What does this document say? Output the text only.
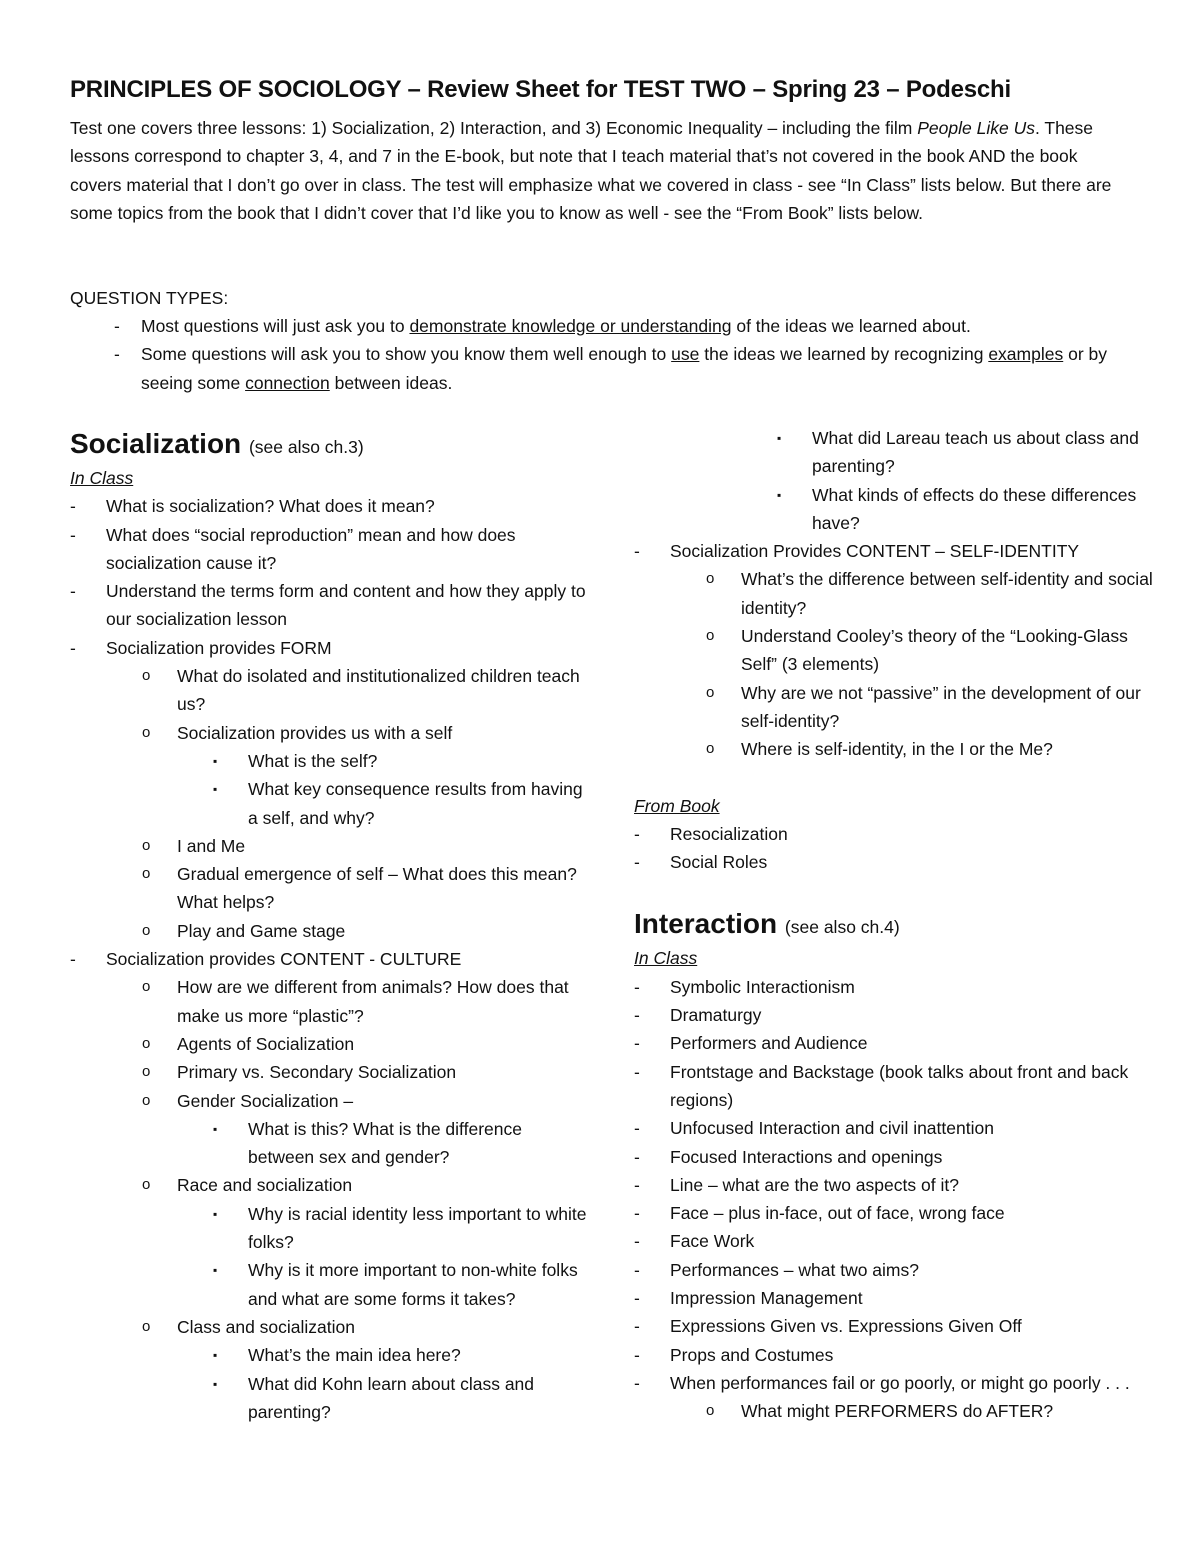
PRINCIPLES OF SOCIOLOGY – Review Sheet for TEST TWO – Spring 23 – Podeschi

Test one covers three lessons: 1) Socialization, 2) Interaction, and 3) Economic Inequality – including the film People Like Us. These lessons correspond to chapter 3, 4, and 7 in the E-book, but note that I teach material that’s not covered in the book AND the book covers material that I don’t go over in class. The test will emphasize what we covered in class - see “In Class” lists below. But there are some topics from the book that I didn’t cover that I’d like you to know as well - see the “From Book” lists below.

QUESTION TYPES:
- Most questions will just ask you to demonstrate knowledge or understanding of the ideas we learned about.
- Some questions will ask you to show you know them well enough to use the ideas we learned by recognizing examples or by seeing some connection between ideas.
Socialization (see also ch.3)
In Class
- What is socialization? What does it mean?
- What does “social reproduction” mean and how does socialization cause it?
- Understand the terms form and content and how they apply to our socialization lesson
- Socialization provides FORM
o What do isolated and institutionalized children teach us?
o Socialization provides us with a self
▪ What is the self?
▪ What key consequence results from having a self, and why?
o I and Me
o Gradual emergence of self – What does this mean? What helps?
o Play and Game stage
- Socialization provides CONTENT - CULTURE
o How are we different from animals? How does that make us more “plastic”?
o Agents of Socialization
o Primary vs. Secondary Socialization
o Gender Socialization –
▪ What is this? What is the difference between sex and gender?
o Race and socialization
▪ Why is racial identity less important to white folks?
▪ Why is it more important to non-white folks and what are some forms it takes?
o Class and socialization
▪ What’s the main idea here?
▪ What did Kohn learn about class and parenting?
▪ What did Lareau teach us about class and parenting?
▪ What kinds of effects do these differences have?
- Socialization Provides CONTENT – SELF-IDENTITY
o What’s the difference between self-identity and social identity?
o Understand Cooley’s theory of the “Looking-Glass Self” (3 elements)
o Why are we not “passive” in the development of our self-identity?
o Where is self-identity, in the I or the Me?
From Book
- Resocialization
- Social Roles
Interaction (see also ch.4)
In Class
- Symbolic Interactionism
- Dramaturgy
- Performers and Audience
- Frontstage and Backstage (book talks about front and back regions)
- Unfocused Interaction and civil inattention
- Focused Interactions and openings
- Line – what are the two aspects of it?
- Face – plus in-face, out of face, wrong face
- Face Work
- Performances – what two aims?
- Impression Management
- Expressions Given vs. Expressions Given Off
- Props and Costumes
- When performances fail or go poorly, or might go poorly . . .
o What might PERFORMERS do AFTER?
